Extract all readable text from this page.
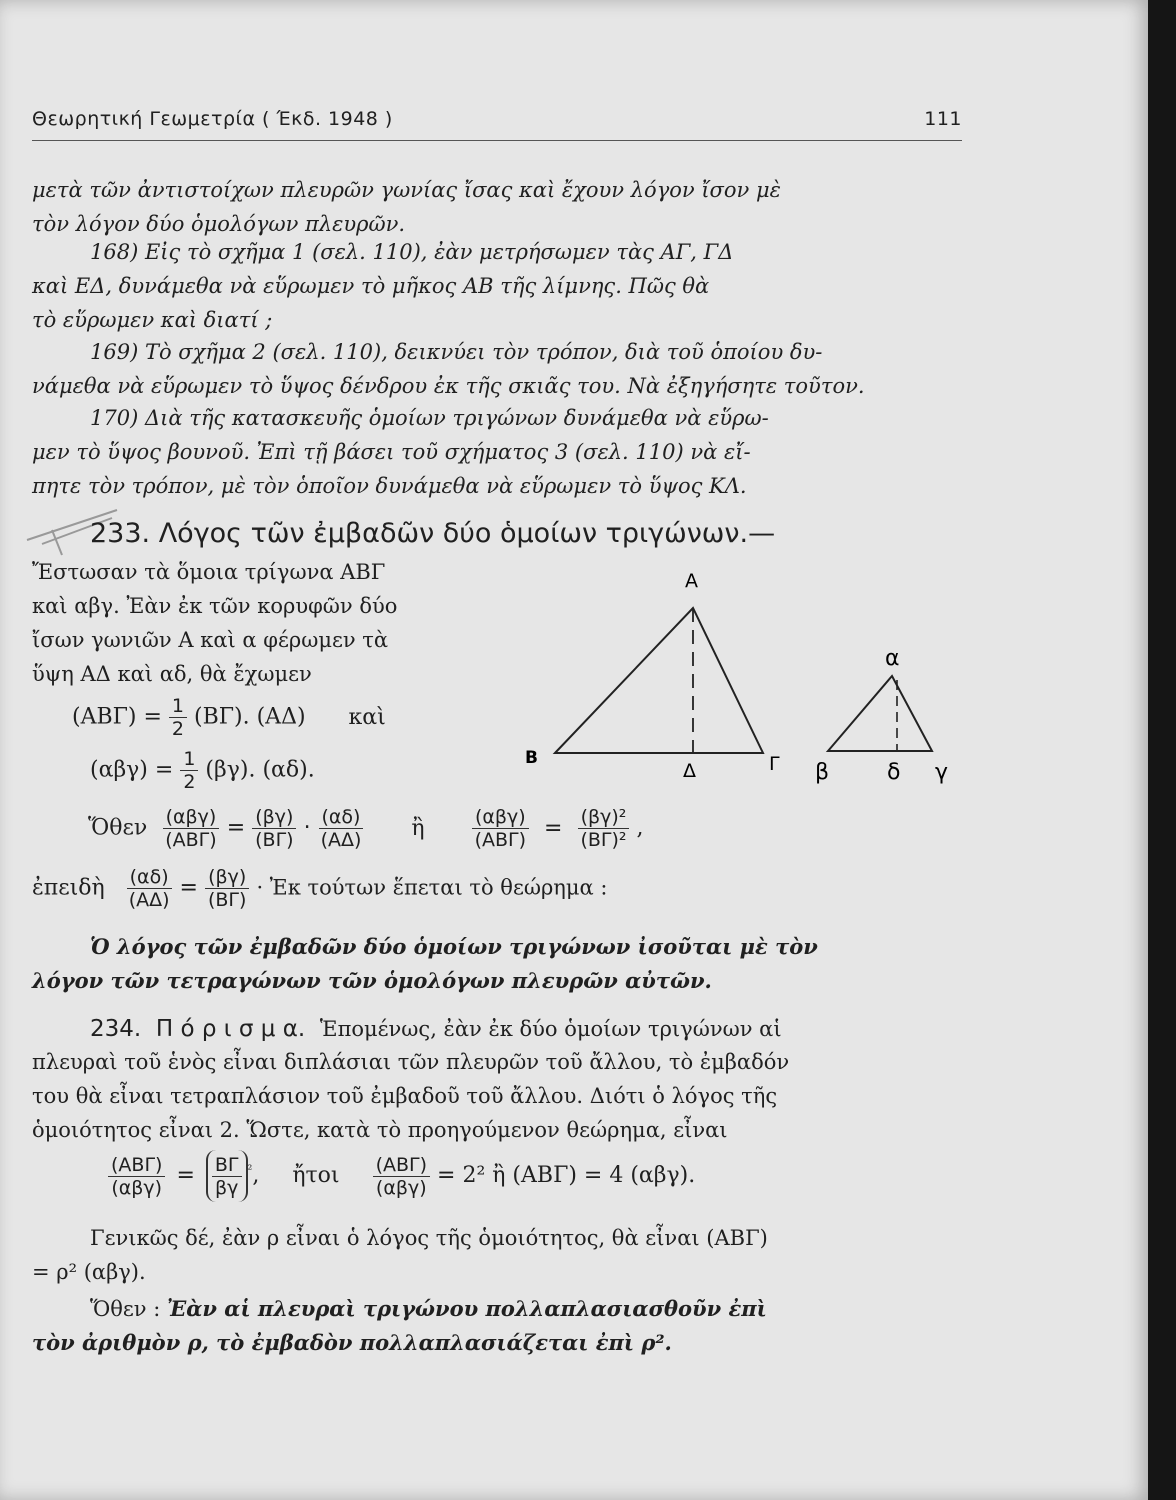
Θεωρητική Γεωμετρία ( Έκδ. 1948 )	111
μετὰ τῶν ἀντιστοίχων πλευρῶν γωνίας ἴσας καὶ ἔχουν λόγον ἴσον μὲ
τὸν λόγον δύο ὁμολόγων πλευρῶν.
168) Εἰς τὸ σχῆμα 1 (σελ. 110), ἐὰν μετρήσωμεν τὰς ΑΓ, ΓΔ
καὶ ΕΔ, δυνάμεθα νὰ εὕρωμεν τὸ μῆκος ΑΒ τῆς λίμνης. Πῶς θὰ
τὸ εὕρωμεν καὶ διατί ;
169) Τὸ σχῆμα 2 (σελ. 110), δεικνύει τὸν τρόπον, διὰ τοῦ ὁποίου δυ-
νάμεθα νὰ εὕρωμεν τὸ ὕψος δένδρου ἐκ τῆς σκιᾶς του. Νὰ ἐξηγήσητε τοῦτον.
170) Διὰ τῆς κατασκευῆς ὁμοίων τριγώνων δυνάμεθα νὰ εὕρω-
μεν τὸ ὕψος βουνοῦ. Ἐπὶ τῇ βάσει τοῦ σχήματος 3 (σελ. 110) νὰ εἴ-
πητε τὸν τρόπον, μὲ τὸν ὁποῖον δυνάμεθα νὰ εὕρωμεν τὸ ὕψος ΚΛ.
233. Λόγος τῶν ἐμβαδῶν δύο ὁμοίων τριγώνων.—
Ἔστωσαν τὰ ὅμοια τρίγωνα ΑΒΓ
καὶ αβγ. Ἐὰν ἐκ τῶν κορυφῶν δύο
ἴσων γωνιῶν Α καὶ α φέρωμεν τὰ
ὕψη ΑΔ καὶ αδ, θὰ ἔχωμεν
$(AB\Gamma) = \frac{1}{2} (B\Gamma)$. (ΑΔ) καὶ
$(\alpha\beta\gamma) = \frac{1}{2} (\beta\gamma)$. (αδ).
Α
Β	Γ
Δ
α
β	δ γ
Ὅθεν $\frac{\text{(αβγ)}}{\text{(ΑΒΓ)}} = \frac{(\beta\gamma)}{(B\Gamma)} \cdot \frac{(\alpha\delta)}{(A\Delta)}$ ἢ $\frac{\text{(αβγ)}}{\text{(ΑΒΓ)}} = \frac{\text{(βγ)²}}{\text{(ΒΓ)²}}$ ,
ἐπειδὴ $\frac{(\alpha\delta)}{(A\Delta)} = \frac{(\beta\gamma)}{(B\Gamma)}$ · Ἐκ τούτων ἕπεται τὸ θεώρημα :
Ὁ λόγος τῶν ἐμβαδῶν δύο ὁμοίων τριγώνων ἰσοῦται μὲ τὸν
λόγον τῶν τετραγώνων τῶν ὁμολόγων πλευρῶν αὐτῶν.
234. Π ό ρ ι σ μ α. Ἑπομένως, ἐὰν ἐκ δύο ὁμοίων τριγώνων αἱ
πλευραὶ τοῦ ἑνὸς εἶναι διπλάσιαι τῶν πλευρῶν τοῦ ἄλλου, τὸ ἐμβαδόν
του θὰ εἶναι τετραπλάσιον τοῦ ἐμβαδοῦ τοῦ ἄλλου. Διότι ὁ λόγος τῆς
ὁμοιότητος εἶναι 2. Ὥστε, κατὰ τὸ προηγούμενον θεώρημα, εἶναι
$\frac{\text{(ΑΒΓ)}}{\text{(αβγ)}} = \frac{B\Gamma}{\beta\gamma} ^{^2}$, ἤτοι $\frac{\text{(ΑΒΓ)}}{\text{(αβγ)}} = 2^2$ ἢ (ΑΒΓ) = 4 (αβγ).
Γενικῶς δέ, ἐὰν ρ εἶναι ὁ λόγος τῆς ὁμοιότητος, θὰ εἶναι (ΑΒΓ)
= ρ² (αβγ).
Ὅθεν : Ἐὰν αἱ πλευραὶ τριγώνου πολλαπλασιασθοῦν ἐπὶ
τὸν ἀριθμὸν ρ, τὸ ἐμβαδὸν πολλαπλασιάζεται ἐπὶ ρ².
